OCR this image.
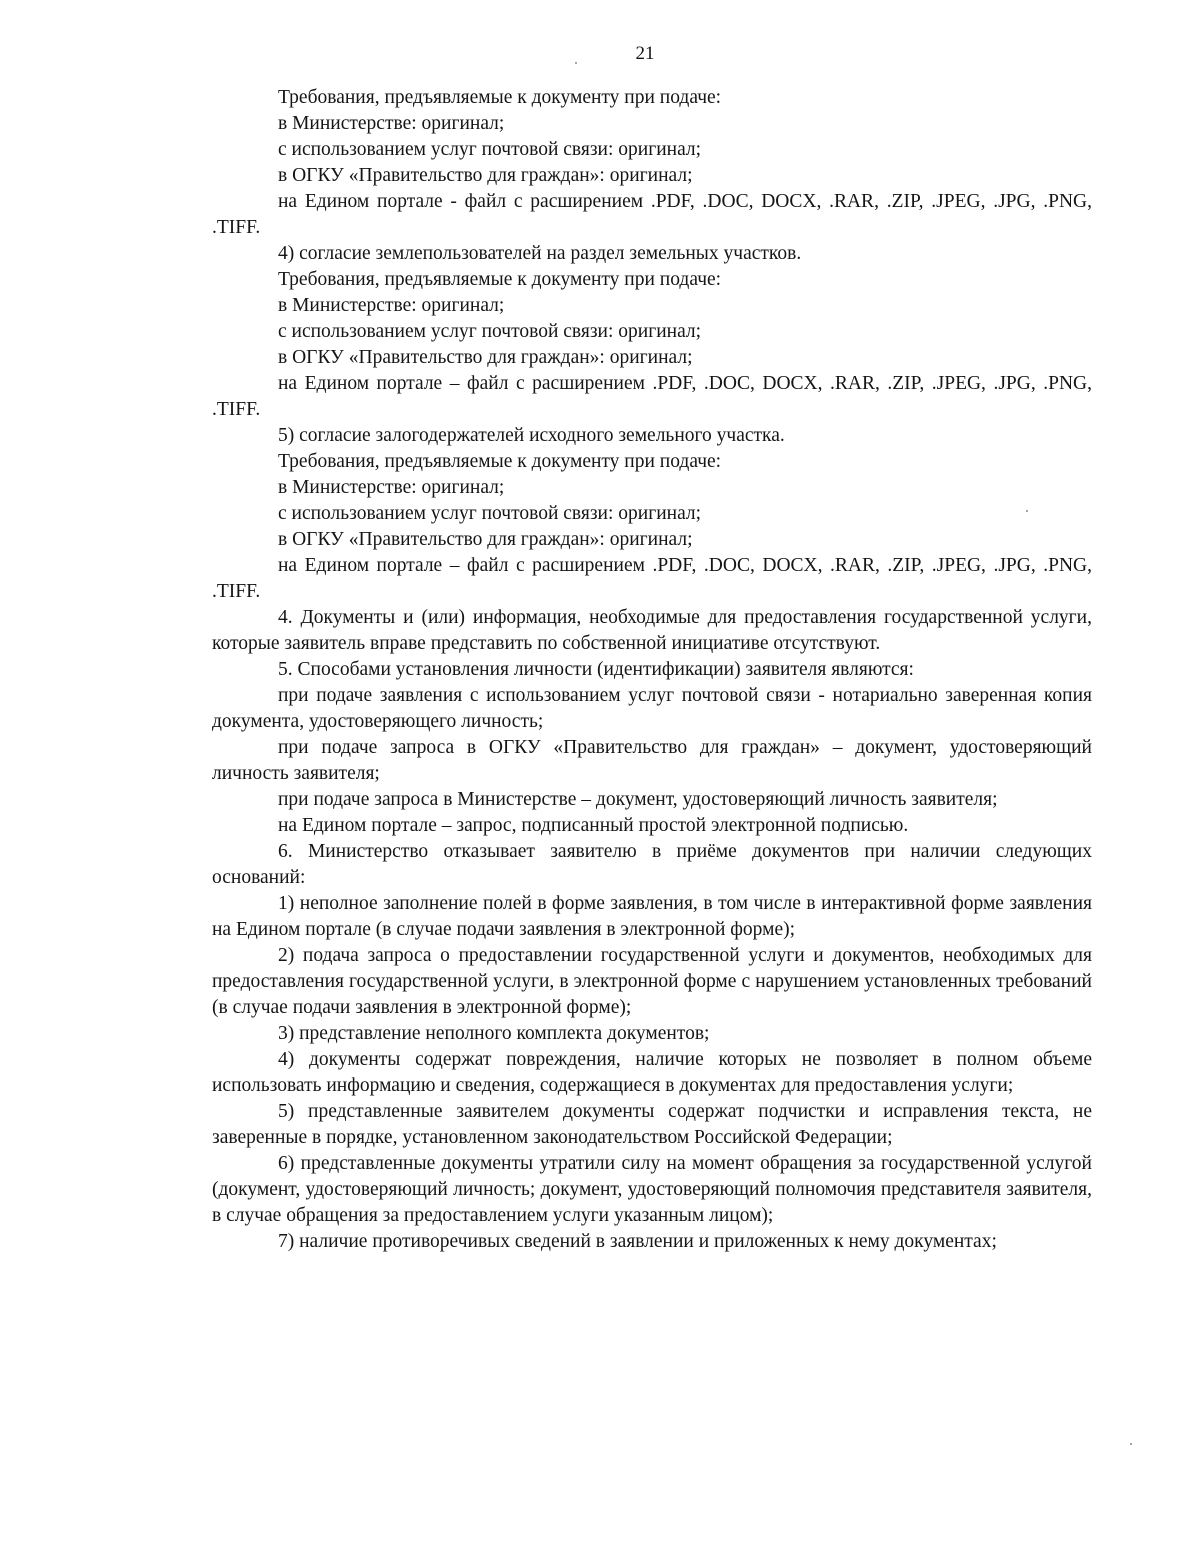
21

Требования, предъявляемые к документу при подаче:

в Министерстве: оригинал;

с использованием услуг почтовой связи: оригинал;

в ОГКУ «Правительство для граждан»: оригинал;

на Едином портале - файл с расширением .PDF, .DOC, DOCX, .RAR, .ZIP, .JPEG, .JPG, .PNG, .TIFF.

4) согласие землепользователей на раздел земельных участков.

Требования, предъявляемые к документу при подаче:

в Министерстве: оригинал;

с использованием услуг почтовой связи: оригинал;

в ОГКУ «Правительство для граждан»: оригинал;

на Едином портале – файл с расширением .PDF, .DOC, DOCX, .RAR, .ZIP, .JPEG, .JPG, .PNG, .TIFF.

5) согласие залогодержателей исходного земельного участка.

Требования, предъявляемые к документу при подаче:

в Министерстве: оригинал;

с использованием услуг почтовой связи: оригинал;

в ОГКУ «Правительство для граждан»: оригинал;

на Едином портале – файл с расширением .PDF, .DOC, DOCX, .RAR, .ZIP, .JPEG, .JPG, .PNG, .TIFF.

4. Документы и (или) информация, необходимые для предоставления государственной услуги, которые заявитель вправе представить по собственной инициативе отсутствуют.

5. Способами установления личности (идентификации) заявителя являются:

при подаче заявления с использованием услуг почтовой связи - нотариально заверенная копия документа, удостоверяющего личность;

при подаче запроса в ОГКУ «Правительство для граждан» – документ, удостоверяющий личность заявителя;

при подаче запроса в Министерстве – документ, удостоверяющий личность заявителя;

на Едином портале – запрос, подписанный простой электронной подписью.

6. Министерство отказывает заявителю в приёме документов при наличии следующих оснований:

1) неполное заполнение полей в форме заявления, в том числе в интерактивной форме заявления на Едином портале (в случае подачи заявления в электронной форме);

2) подача запроса о предоставлении государственной услуги и документов, необходимых для предоставления государственной услуги, в электронной форме с нарушением установленных требований (в случае подачи заявления в электронной форме);

3) представление неполного комплекта документов;

4) документы содержат повреждения, наличие которых не позволяет в полном объеме использовать информацию и сведения, содержащиеся в документах для предоставления услуги;

5) представленные заявителем документы содержат подчистки и исправления текста, не заверенные в порядке, установленном законодательством Российской Федерации;

6) представленные документы утратили силу на момент обращения за государственной услугой (документ, удостоверяющий личность; документ, удостоверяющий полномочия представителя заявителя, в случае обращения за предоставлением услуги указанным лицом);

7) наличие противоречивых сведений в заявлении и приложенных к нему документах;
